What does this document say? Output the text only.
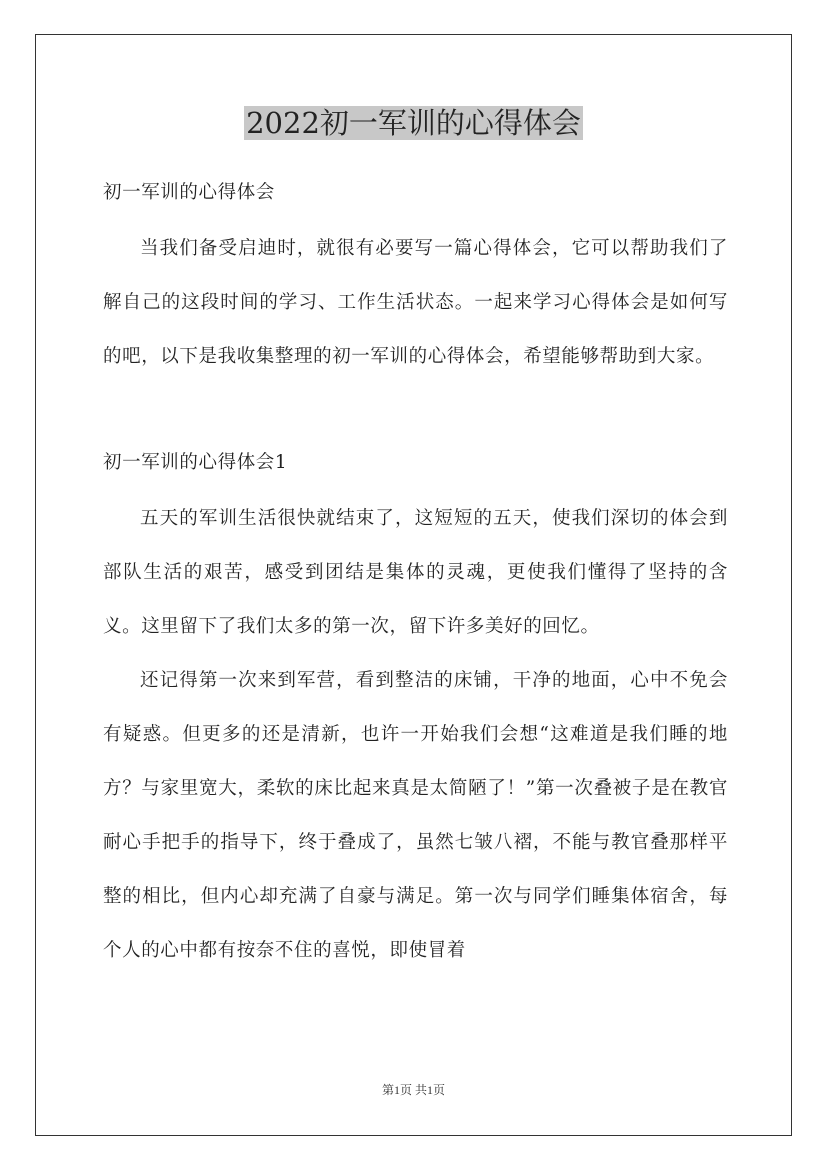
2022初一军训的心得体会
初一军训的心得体会

当我们备受启迪时，就很有必要写一篇心得体会，它可以帮助我们了解自己的这段时间的学习、工作生活状态。一起来学习心得体会是如何写的吧，以下是我收集整理的初一军训的心得体会，希望能够帮助到大家。

初一军训的心得体会1

五天的军训生活很快就结束了，这短短的五天，使我们深切的体会到部队生活的艰苦，感受到团结是集体的灵魂，更使我们懂得了坚持的含义。这里留下了我们太多的第一次，留下许多美好的回忆。

还记得第一次来到军营，看到整洁的床铺，干净的地面，心中不免会有疑惑。但更多的还是清新，也许一开始我们会想“这难道是我们睡的地方？与家里宽大，柔软的床比起来真是太简陋了！”第一次叠被子是在教官耐心手把手的指导下，终于叠成了，虽然七皱八褶，不能与教官叠那样平整的相比，但内心却充满了自豪与满足。第一次与同学们睡集体宿舍，每个人的心中都有按奈不住的喜悦，即使冒着

第1页 共1页
